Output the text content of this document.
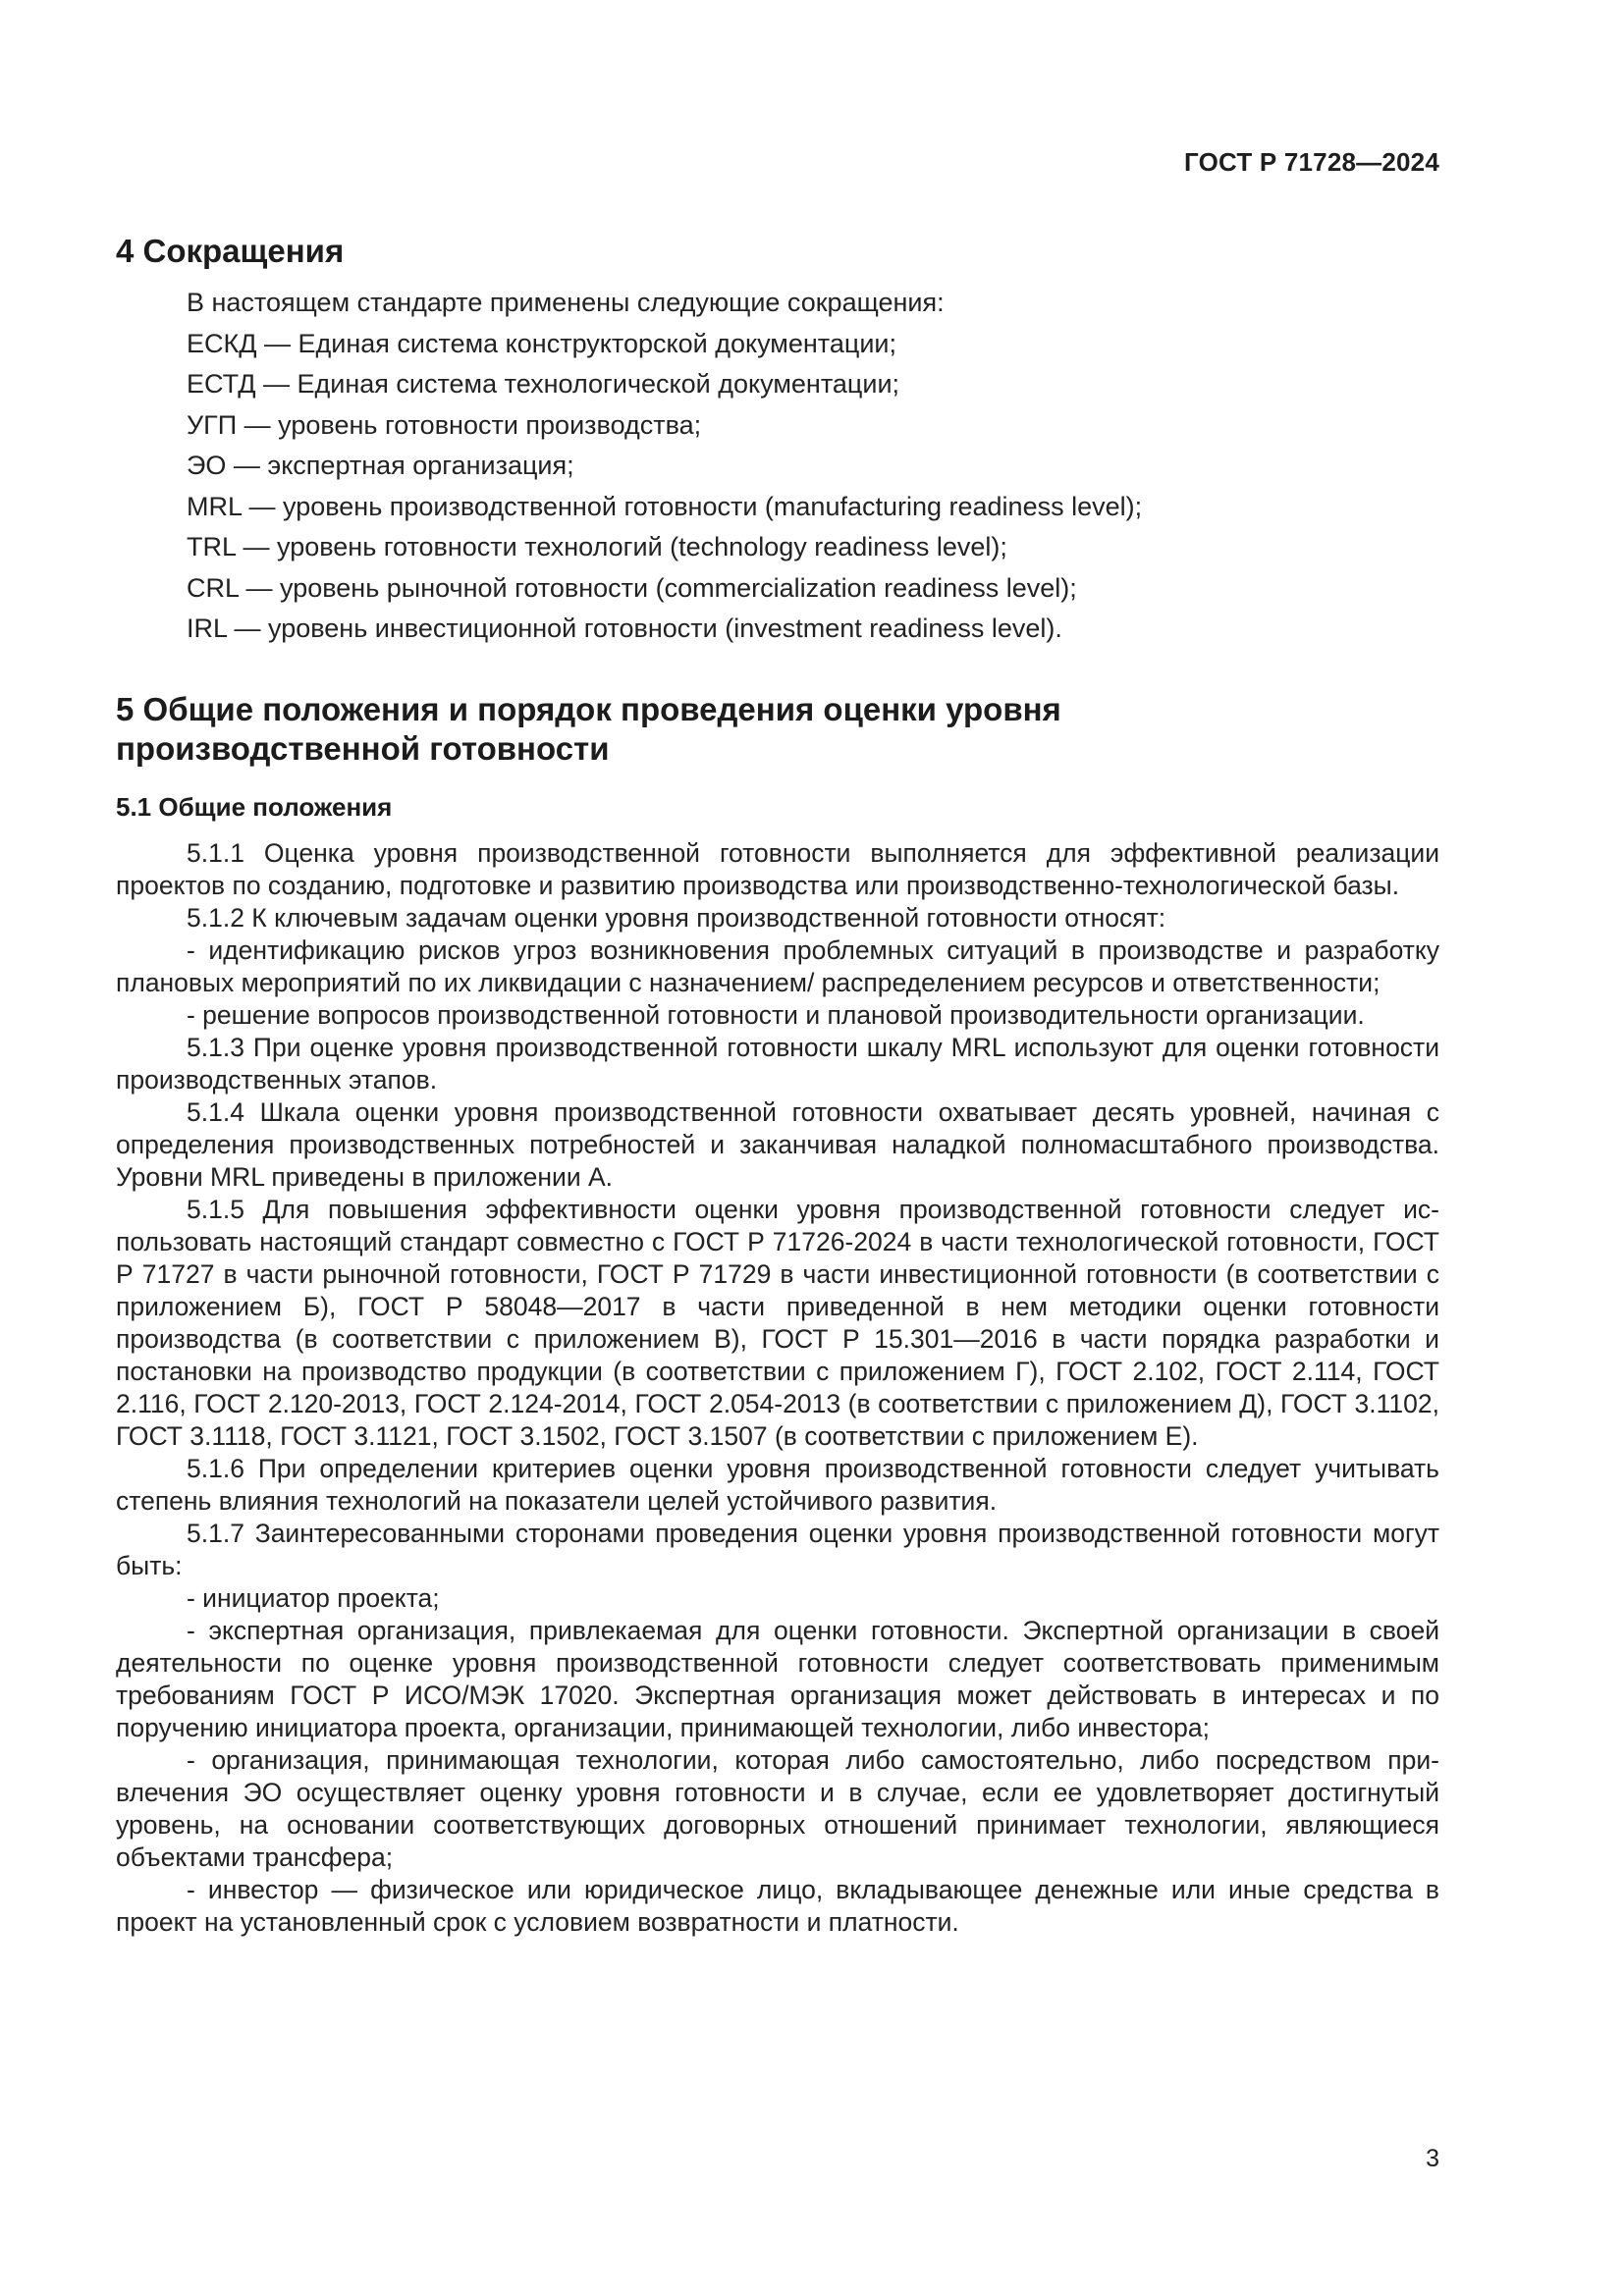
ГОСТ Р 71728—2024
4 Сокращения
В настоящем стандарте применены следующие сокращения:
ЕСКД — Единая система конструкторской документации;
ЕСТД — Единая система технологической документации;
УГП — уровень готовности производства;
ЭО — экспертная организация;
MRL — уровень производственной готовности (manufacturing readiness level);
TRL — уровень готовности технологий (technology readiness level);
CRL — уровень рыночной готовности (commercialization readiness level);
IRL — уровень инвестиционной готовности (investment readiness level).
5 Общие положения и порядок проведения оценки уровня
производственной готовности
5.1 Общие положения

5.1.1 Оценка уровня производственной готовности выполняется для эффективной реализации проектов по созданию, подготовке и развитию производства или производственно-технологической базы.

5.1.2 К ключевым задачам оценки уровня производственной готовности относят:

- идентификацию рисков угроз возникновения проблемных ситуаций в производстве и разработку плановых мероприятий по их ликвидации с назначением/ распределением ресурсов и ответственности;

- решение вопросов производственной готовности и плановой производительности организации.

5.1.3 При оценке уровня производственной готовности шкалу MRL используют для оценки готовности производственных этапов.

5.1.4 Шкала оценки уровня производственной готовности охватывает десять уровней, начиная с определения производственных потребностей и заканчивая наладкой полномасштабного производства. Уровни MRL приведены в приложении А.

5.1.5 Для повышения эффективности оценки уровня производственной готовности следует использовать настоящий стандарт совместно с ГОСТ Р 71726-2024 в части технологической готовности, ГОСТ Р 71727 в части рыночной готовности, ГОСТ Р 71729 в части инвестиционной готовности (в соответствии с приложением Б), ГОСТ Р 58048—2017 в части приведенной в нем методики оценки готовности производства (в соответствии с приложением В), ГОСТ Р 15.301—2016 в части порядка разработки и постановки на производство продукции (в соответствии с приложением Г), ГОСТ 2.102, ГОСТ 2.114, ГОСТ 2.116, ГОСТ 2.120-2013, ГОСТ 2.124-2014, ГОСТ 2.054-2013 (в соответствии с приложением Д), ГОСТ 3.1102, ГОСТ 3.1118, ГОСТ 3.1121, ГОСТ 3.1502, ГОСТ 3.1507 (в соответствии с приложением Е).

5.1.6 При определении критериев оценки уровня производственной готовности следует учитывать степень влияния технологий на показатели целей устойчивого развития.

5.1.7 Заинтересованными сторонами проведения оценки уровня производственной готовности могут быть:

- инициатор проекта;

- экспертная организация, привлекаемая для оценки готовности. Экспертной организации в своей деятельности по оценке уровня производственной готовности следует соответствовать применимым требованиям ГОСТ Р ИСО/МЭК 17020. Экспертная организация может действовать в интересах и по поручению инициатора проекта, организации, принимающей технологии, либо инвестора;

- организация, принимающая технологии, которая либо самостоятельно, либо посредством привлечения ЭО осуществляет оценку уровня готовности и в случае, если ее удовлетворяет достигнутый уровень, на основании соответствующих договорных отношений принимает технологии, являющиеся объектами трансфера;

- инвестор — физическое или юридическое лицо, вкладывающее денежные или иные средства в проект на установленный срок с условием возвратности и платности.

3
